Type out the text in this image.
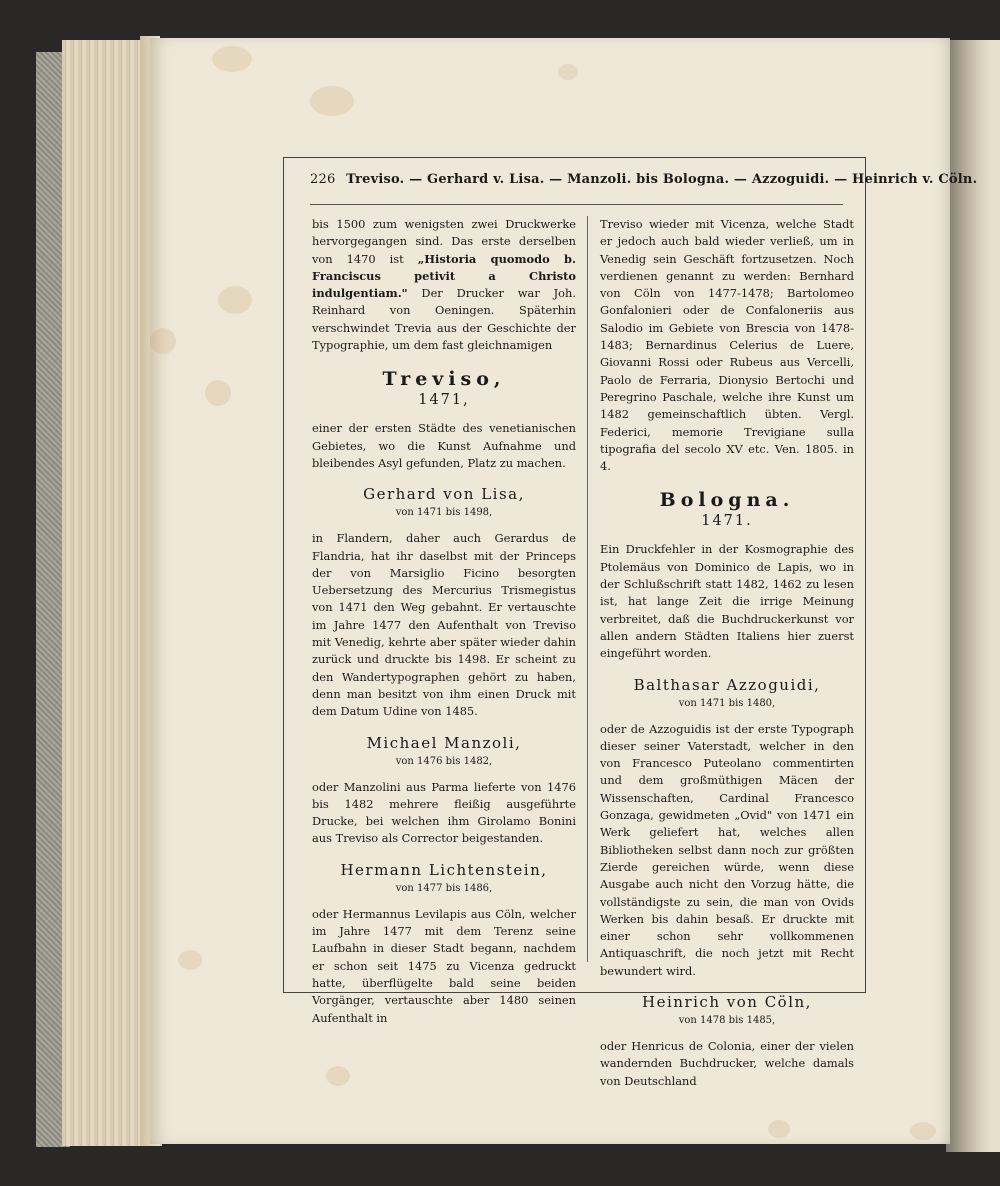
226 Treviso. — Gerhard v. Lisa. — Manzoli. bis Bologna. — Azzoguidi. — Heinrich v. Cöln.

bis 1500 zum wenigsten zwei Druckwerke hervorgegangen sind. Das erste derselben von 1470 ist „Historia quomodo b. Franciscus petivit a Christo indulgentiam." Der Drucker war Joh. Reinhard von Oeningen. Späterhin verschwindet Trevia aus der Geschichte der Typographie, um dem fast gleichnamigen

Treviso,
1471,

einer der ersten Städte des venetianischen Gebietes, wo die Kunst Aufnahme und bleibendes Asyl gefunden, Platz zu machen.

Gerhard von Lisa,
von 1471 bis 1498,

in Flandern, daher auch Gerardus de Flandria, hat ihr daselbst mit der Princeps der von Marsiglio Ficino besorgten Uebersetzung des Mercurius Trismegistus von 1471 den Weg gebahnt. Er vertauschte im Jahre 1477 den Aufenthalt von Treviso mit Venedig, kehrte aber später wieder dahin zurück und druckte bis 1498. Er scheint zu den Wandertypographen gehört zu haben, denn man besitzt von ihm einen Druck mit dem Datum Udine von 1485.

Michael Manzoli,
von 1476 bis 1482,

oder Manzolini aus Parma lieferte von 1476 bis 1482 mehrere fleißig ausgeführte Drucke, bei welchen ihm Girolamo Bonini aus Treviso als Corrector beigestanden.

Hermann Lichtenstein,
von 1477 bis 1486,

oder Hermannus Levilapis aus Cöln, welcher im Jahre 1477 mit dem Terenz seine Laufbahn in dieser Stadt begann, nachdem er schon seit 1475 zu Vicenza gedruckt hatte, überflügelte bald seine beiden Vorgänger, vertauschte aber 1480 seinen Aufenthalt in

Treviso wieder mit Vicenza, welche Stadt er jedoch auch bald wieder verließ, um in Venedig sein Geschäft fortzusetzen. Noch verdienen genannt zu werden: Bernhard von Cöln von 1477-1478; Bartolomeo Gonfalonieri oder de Confaloneriis aus Salodio im Gebiete von Brescia von 1478-1483; Bernardinus Celerius de Luere, Giovanni Rossi oder Rubeus aus Vercelli, Paolo de Ferraria, Dionysio Bertochi und Peregrino Paschale, welche ihre Kunst um 1482 gemeinschaftlich übten. Vergl. Federici, memorie Trevigiane sulla tipografia del secolo XV etc. Ven. 1805. in 4.

Bologna.
1471.

Ein Druckfehler in der Kosmographie des Ptolemäus von Dominico de Lapis, wo in der Schlußschrift statt 1482, 1462 zu lesen ist, hat lange Zeit die irrige Meinung verbreitet, daß die Buchdruckerkunst vor allen andern Städten Italiens hier zuerst eingeführt worden.

Balthasar Azzoguidi,
von 1471 bis 1480,

oder de Azzoguidis ist der erste Typograph dieser seiner Vaterstadt, welcher in den von Francesco Puteolano commentirten und dem großmüthigen Mäcen der Wissenschaften, Cardinal Francesco Gonzaga, gewidmeten „Ovid" von 1471 ein Werk geliefert hat, welches allen Bibliotheken selbst dann noch zur größten Zierde gereichen würde, wenn diese Ausgabe auch nicht den Vorzug hätte, die vollständigste zu sein, die man von Ovids Werken bis dahin besaß. Er druckte mit einer schon sehr vollkommenen Antiquaschrift, die noch jetzt mit Recht bewundert wird.

Heinrich von Cöln,
von 1478 bis 1485,

oder Henricus de Colonia, einer der vielen wandernden Buchdrucker, welche damals von Deutschland
